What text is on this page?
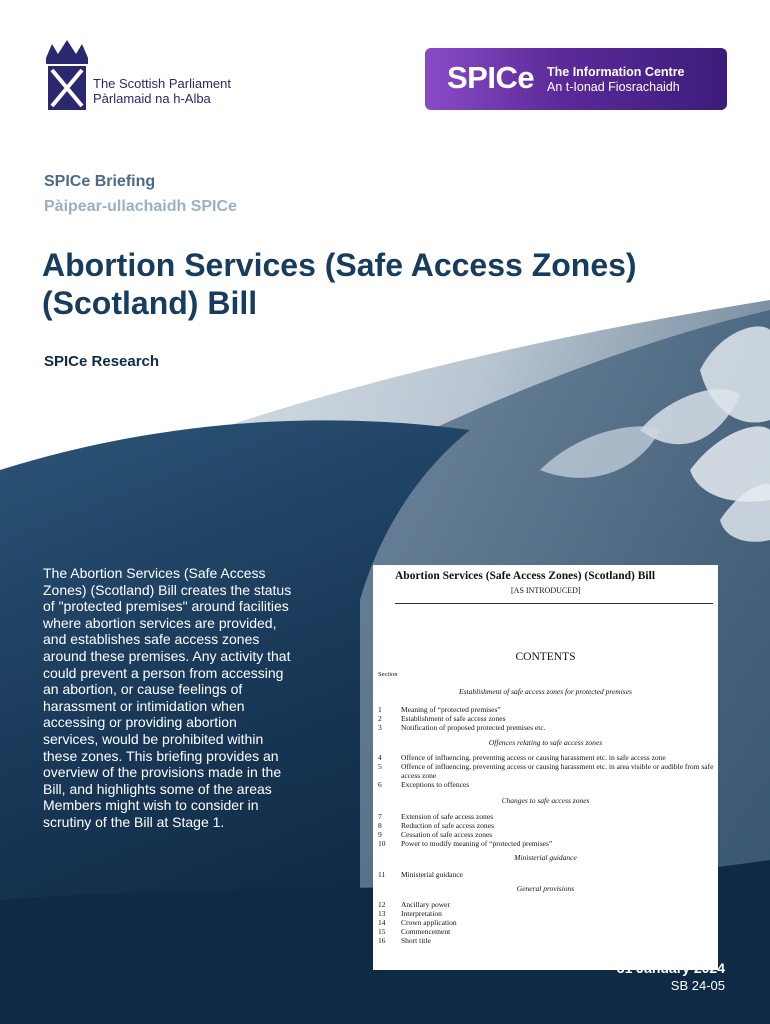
The Scottish Parliament
Pàrlamaid na h-Alba
SPICe The Information Centre
An t-Ionad Fiosrachaidh
SPICe Briefing
Pàipear-ullachaidh SPICe
Abortion Services (Safe Access Zones)
(Scotland) Bill
SPICe Research
The Abortion Services (Safe Access Zones) (Scotland) Bill creates the status of "protected premises" around facilities where abortion services are provided, and establishes safe access zones around these premises. Any activity that could prevent a person from accessing an abortion, or cause feelings of harassment or intimidation when accessing or providing abortion services, would be prohibited within these zones. This briefing provides an overview of the provisions made in the Bill, and highlights some of the areas Members might wish to consider in scrutiny of the Bill at Stage 1.
Abortion Services (Safe Access Zones) (Scotland) Bill
[AS INTRODUCED]
CONTENTS
Section
Establishment of safe access zones for protected premises
1	Meaning of “protected premises”
2	Establishment of safe access zones
3	Notification of proposed protected premises etc.
Offences relating to safe access zones
4	Offence of influencing, preventing access or causing harassment etc. in safe access zone
5	Offence of influencing, preventing access or causing harassment etc. in area visible or audible from safe access zone
6	Exceptions to offences
Changes to safe access zones
7	Extension of safe access zones
8	Reduction of safe access zones
9	Cessation of safe access zones
10 Power to modify meaning of “protected premises”
Ministerial guidance
11 Ministerial guidance
General provisions
12 Ancillary power
13 Interpretation
14 Crown application
15 Commencement
16 Short title
31 January 2024
SB 24-05
